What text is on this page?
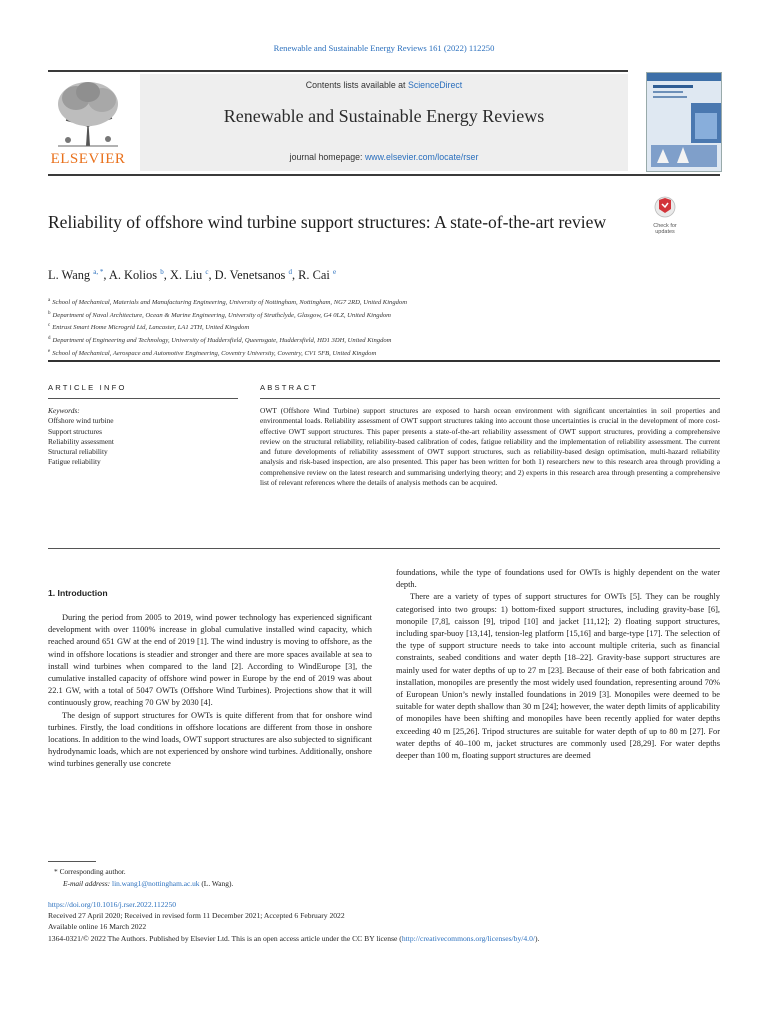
Renewable and Sustainable Energy Reviews 161 (2022) 112250
ELSEVIER
Contents lists available at ScienceDirect
Renewable and Sustainable Energy Reviews
journal homepage: www.elsevier.com/locate/rser
Reliability of offshore wind turbine support structures: A state-of-the-art review	Check for
updates
L. Wang $^{a, *}$, A. Kolios $^b$, X. Liu $^c$, D. Venetsanos $^d$, R. Cai $^e$
$^a$ School of Mechanical, Materials and Manufacturing Engineering, University of Nottingham, Nottingham, NG7 2RD, United Kingdom
$^b$ Department of Naval Architecture, Ocean & Marine Engineering, University of Strathclyde, Glasgow, G4 0LZ, United Kingdom
$^c$ Entrust Smart Home Microgrid Ltd, Lancaster, LA1 2TH, United Kingdom
$^d$ Department of Engineering and Technology, University of Huddersfield, Queensgate, Huddersfield, HD1 3DH, United Kingdom
$^e$ School of Mechanical, Aerospace and Automotive Engineering, Coventry University, Coventry, CV1 5FB, United Kingdom
ARTICLE INFO
Keywords:
Offshore wind turbine
Support structures
Reliability assessment
Structural reliability
Fatigue reliability
ABSTRACT
OWT (Offshore Wind Turbine) support structures are exposed to harsh ocean environment with significant uncertainties in soil properties and environmental loads. Reliability assessment of OWT support structures taking into account those uncertainties is crucial in the development of more cost-effective OWT support structures. This paper presents a state-of-the-art reliability assessment of OWT support structures, providing a comprehensive review on the structural reliability, reliability-based calibration of codes, fatigue reliability and the implementation of reliability assessment. The current and future developments of reliability assessment of OWT support structures, such as reliability-based design optimisation, multi-hazard reliability analysis and risk-based inspection, are also presented. This paper has been written for both 1) researchers new to this research area through providing a comprehensive review on the latest research and summarising underlying theory; and 2) experts in this research area through presenting a comprehensive list of relevant references where the details of analysis methods can be acquired.
1. Introduction

During the period from 2005 to 2019, wind power technology has experienced significant development with over 1100% increase in global cumulative installed wind capacity, which reached around 651 GW at the end of 2019 [1]. The wind industry is moving to offshore, as the wind in offshore locations is steadier and stronger and there are more spaces available at sea to install wind turbines when compared to the land [2]. According to WindEurope [3], the cumulative installed capacity of offshore wind power in Europe by the end of 2019 was about 22.1 GW, with a total of 5047 OWTs (Offshore Wind Turbines). Projections show that it will continuously grow, reaching 70 GW by 2030 [4].

The design of support structures for OWTs is quite different from that for onshore wind turbines. Firstly, the load conditions in offshore locations are different from those in onshore locations. In addition to the wind loads, OWT support structures are also subjected to significant hydrodynamic loads, which are not experienced by onshore wind turbines. Additionally, onshore wind turbines generally use concrete

foundations, while the type of foundations used for OWTs is highly dependent on the water depth.

There are a variety of types of support structures for OWTs [5]. They can be roughly categorised into two groups: 1) bottom-fixed support structures, including gravity-base [6], monopile [7,8], caisson [9], tripod [10] and jacket [11,12]; 2) floating support structures, including spar-buoy [13,14], tension-leg platform [15,16] and barge-type [17]. The selection of the type of support structure needs to take into account multiple criteria, such as financial constraints, seabed conditions and water depth [18–22]. Gravity-base support structures are mainly used for water depths of up to 27 m [23]. Because of their ease of both fabrication and installation, monopiles are presently the most widely used foundation, representing around 70% of European Union’s newly installed foundations in 2019 [3]. Monopiles were deemed to be suitable for water depth shallow than 30 m [24]; however, the water depth limits of applicability of monopiles have been shifting and monopiles have been recently applied for water depths exceeding 40 m [25,26]. Tripod structures are suitable for water depth of up to 80 m [27]. For water depths of 40–100 m, jacket structures are commonly used [28,29]. For water depths deeper than 100 m, floating support structures are deemed

* Corresponding author.
E-mail address: lin.wang1@nottingham.ac.uk (L. Wang).
https://doi.org/10.1016/j.rser.2022.112250
Received 27 April 2020; Received in revised form 11 December 2021; Accepted 6 February 2022
Available online 16 March 2022
1364-0321/© 2022 The Authors. Published by Elsevier Ltd. This is an open access article under the CC BY license (http://creativecommons.org/licenses/by/4.0/).
